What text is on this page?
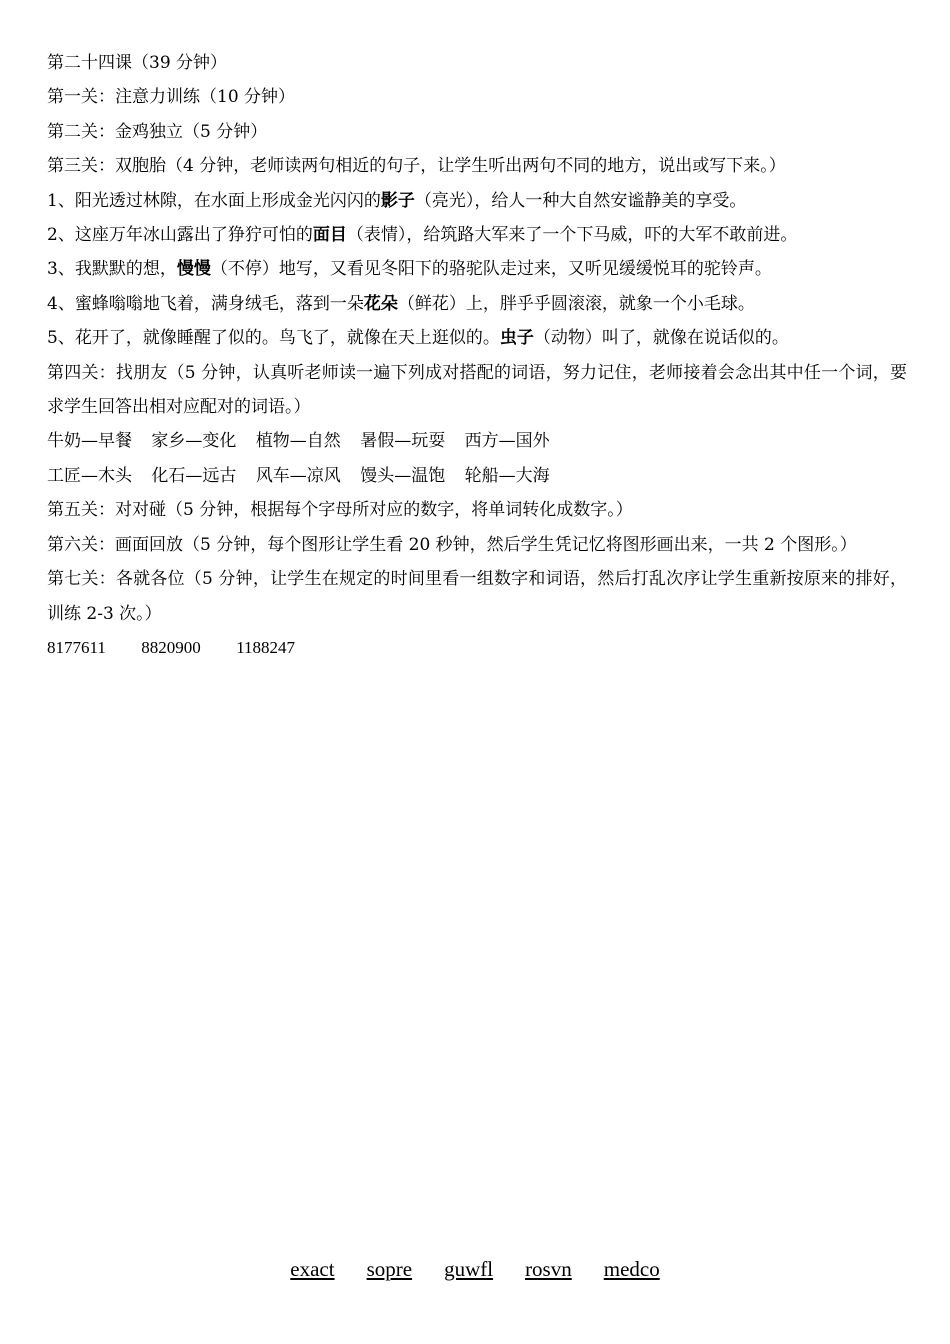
第二十四课（39 分钟）
第一关：注意力训练（10 分钟）
第二关：金鸡独立（5 分钟）
第三关：双胞胎（4 分钟，老师读两句相近的句子，让学生听出两句不同的地方，说出或写下来。）
1、阳光透过林隙，在水面上形成金光闪闪的影子（亮光），给人一种大自然安谧静美的享受。
2、这座万年冰山露出了狰狞可怕的面目（表情），给筑路大军来了一个下马威，吓的大军不敢前进。
3、我默默的想，慢慢（不停）地写，又看见冬阳下的骆驼队走过来，又听见缓缓悦耳的驼铃声。
4、蜜蜂嗡嗡地飞着，满身绒毛，落到一朵花朵（鲜花）上，胖乎乎圆滚滚，就象一个小毛球。
5、花开了，就像睡醒了似的。鸟飞了，就像在天上逛似的。虫子（动物）叫了，就像在说话似的。
第四关：找朋友（5 分钟，认真听老师读一遍下列成对搭配的词语，努力记住，老师接着会念出其中任一个词，要求学生回答出相对应配对的词语。）
牛奶—早餐 家乡—变化 植物—自然 暑假—玩耍 西方—国外
工匠—木头 化石—远古 风车—凉风 馒头—温饱 轮船—大海
第五关：对对碰（5 分钟，根据每个字母所对应的数字，将单词转化成数字。）
第六关：画面回放（5 分钟，每个图形让学生看 20 秒钟，然后学生凭记忆将图形画出来，一共 2 个图形。）
第七关：各就各位（5 分钟，让学生在规定的时间里看一组数字和词语，然后打乱次序让学生重新按原来的排好，训练 2-3 次。）
8177611 8820900 1188247
exact sopre guwfl rosvn medco
